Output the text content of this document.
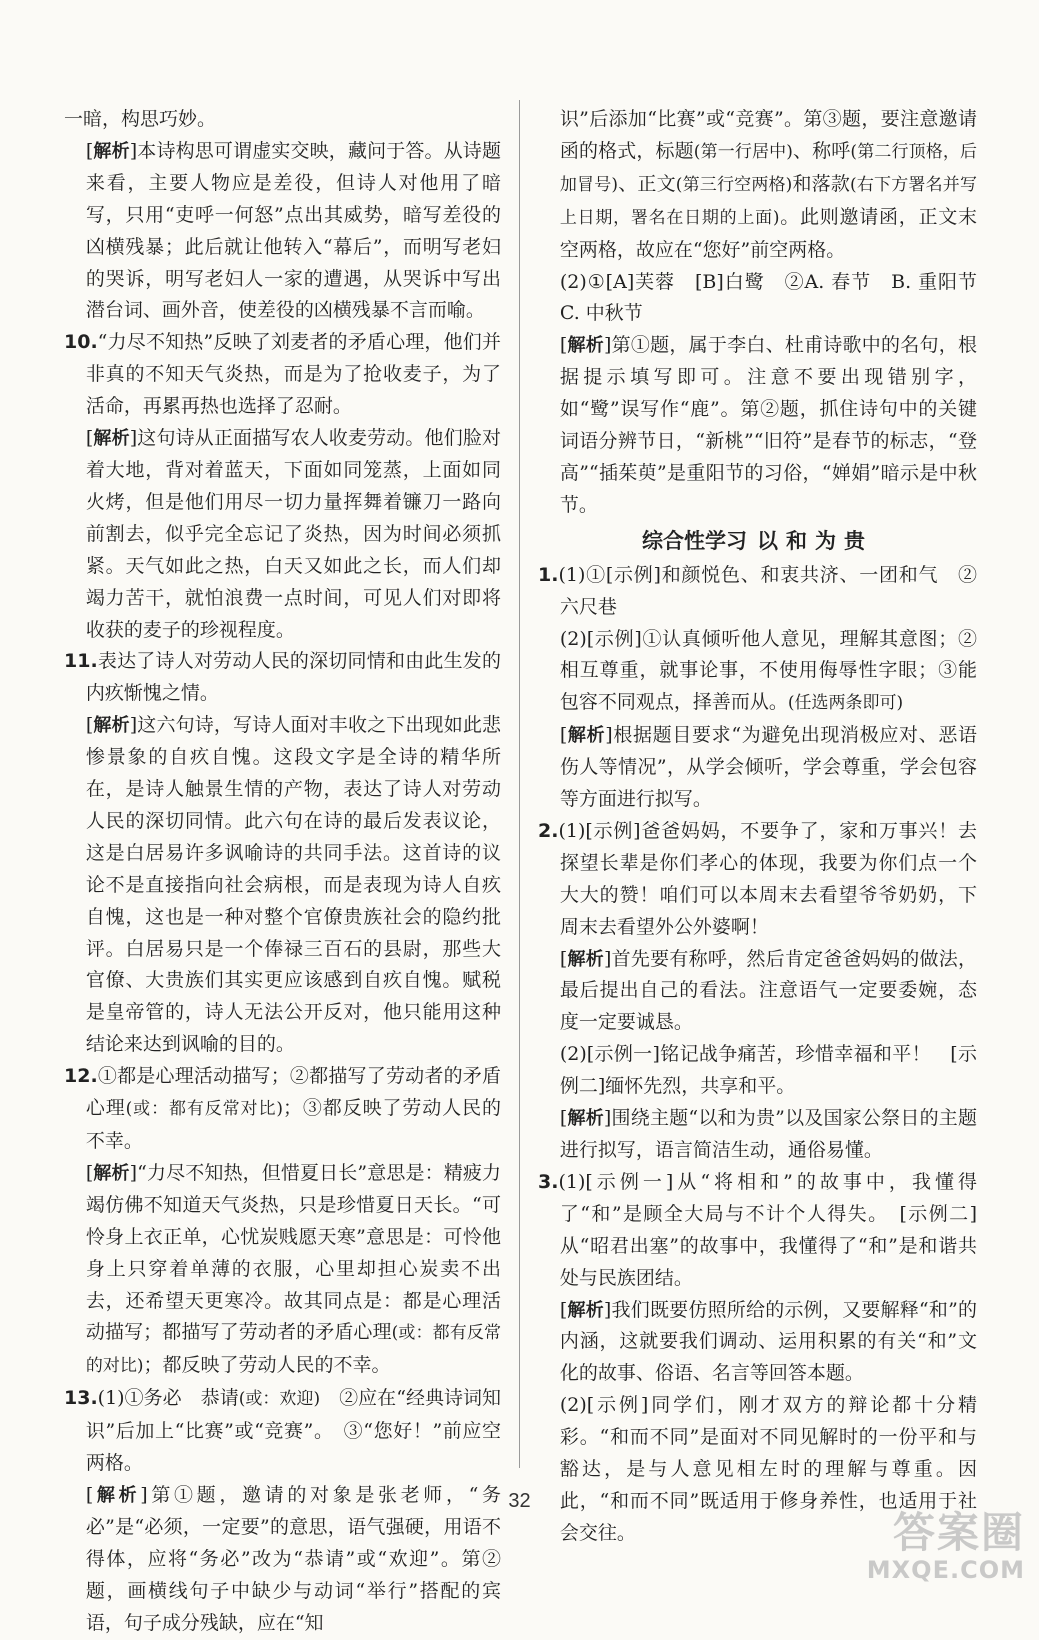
一暗，构思巧妙。

[解析]本诗构思可谓虚实交映，藏问于答。从诗题来看，主要人物应是差役，但诗人对他用了暗写，只用“吏呼一何怒”点出其威势，暗写差役的凶横残暴；此后就让他转入“幕后”，而明写老妇的哭诉，明写老妇人一家的遭遇，从哭诉中写出潜台词、画外音，使差役的凶横残暴不言而喻。

10.“力尽不知热”反映了刘麦者的矛盾心理，他们并非真的不知天气炎热，而是为了抢收麦子，为了活命，再累再热也选择了忍耐。

[解析]这句诗从正面描写农人收麦劳动。他们脸对着大地，背对着蓝天，下面如同笼蒸，上面如同火烤，但是他们用尽一切力量挥舞着镰刀一路向前割去，似乎完全忘记了炎热，因为时间必须抓紧。天气如此之热，白天又如此之长，而人们却竭力苦干，就怕浪费一点时间，可见人们对即将收获的麦子的珍视程度。

11.表达了诗人对劳动人民的深切同情和由此生发的内疚惭愧之情。

[解析]这六句诗，写诗人面对丰收之下出现如此悲惨景象的自疚自愧。这段文字是全诗的精华所在，是诗人触景生情的产物，表达了诗人对劳动人民的深切同情。此六句在诗的最后发表议论，这是白居易许多讽喻诗的共同手法。这首诗的议论不是直接指向社会病根，而是表现为诗人自疚自愧，这也是一种对整个官僚贵族社会的隐约批评。白居易只是一个俸禄三百石的县尉，那些大官僚、大贵族们其实更应该感到自疚自愧。赋税是皇帝管的，诗人无法公开反对，他只能用这种结论来达到讽喻的目的。

12.①都是心理活动描写；②都描写了劳动者的矛盾心理(或：都有反常对比)；③都反映了劳动人民的不幸。

[解析]“力尽不知热，但惜夏日长”意思是：精疲力竭仿佛不知道天气炎热，只是珍惜夏日天长。“可怜身上衣正单，心忧炭贱愿天寒”意思是：可怜他身上只穿着单薄的衣服，心里却担心炭卖不出去，还希望天更寒冷。故其同点是：都是心理活动描写；都描写了劳动者的矛盾心理(或：都有反常的对比)；都反映了劳动人民的不幸。

13.(1)①务必　恭请(或：欢迎)　②应在“经典诗词知识”后加上“比赛”或“竞赛”。　③“您好！”前应空两格。

[解析]第①题，邀请的对象是张老师，“务必”是“必须，一定要”的意思，语气强硬，用语不得体，应将“务必”改为“恭请”或“欢迎”。第②题，画横线句子中缺少与动词“举行”搭配的宾语，句子成分残缺，应在“知

识”后添加“比赛”或“竞赛”。第③题，要注意邀请函的格式，标题(第一行居中)、称呼(第二行顶格，后加冒号)、正文(第三行空两格)和落款(右下方署名并写上日期，署名在日期的上面)。此则邀请函，正文末空两格，故应在“您好”前空两格。

(2)①[A]芙蓉　[B]白鹭　②A. 春节　B. 重阳节　C. 中秋节

[解析]第①题，属于李白、杜甫诗歌中的名句，根据提示填写即可。注意不要出现错别字，如“鹭”误写作“鹿”。第②题，抓住诗句中的关键词语分辨节日，“新桃”“旧符”是春节的标志，“登高”“插茱萸”是重阳节的习俗，“婵娟”暗示是中秋节。

综合性学习 以和为贵

1.(1)①[示例]和颜悦色、和衷共济、一团和气　②六尺巷

(2)[示例]①认真倾听他人意见，理解其意图；②相互尊重，就事论事，不使用侮辱性字眼；③能包容不同观点，择善而从。(任选两条即可)

[解析]根据题目要求“为避免出现消极应对、恶语伤人等情况”，从学会倾听，学会尊重，学会包容等方面进行拟写。

2.(1)[示例]爸爸妈妈，不要争了，家和万事兴！去探望长辈是你们孝心的体现，我要为你们点一个大大的赞！咱们可以本周末去看望爷爷奶奶，下周末去看望外公外婆啊！

[解析]首先要有称呼，然后肯定爸爸妈妈的做法，最后提出自己的看法。注意语气一定要委婉，态度一定要诚恳。

(2)[示例一]铭记战争痛苦，珍惜幸福和平！　[示例二]缅怀先烈，共享和平。

[解析]围绕主题“以和为贵”以及国家公祭日的主题进行拟写，语言简洁生动，通俗易懂。

3.(1)[示例一]从“将相和”的故事中，我懂得了“和”是顾全大局与不计个人得失。　[示例二]从“昭君出塞”的故事中，我懂得了“和”是和谐共处与民族团结。

[解析]我们既要仿照所给的示例，又要解释“和”的内涵，这就要我们调动、运用积累的有关“和”文化的故事、俗语、名言等回答本题。

(2)[示例]同学们，刚才双方的辩论都十分精彩。“和而不同”是面对不同见解时的一份平和与豁达，是与人意见相左时的理解与尊重。因此，“和而不同”既适用于修身养性，也适用于社会交往。

32
答案圈
MXQE.COM
